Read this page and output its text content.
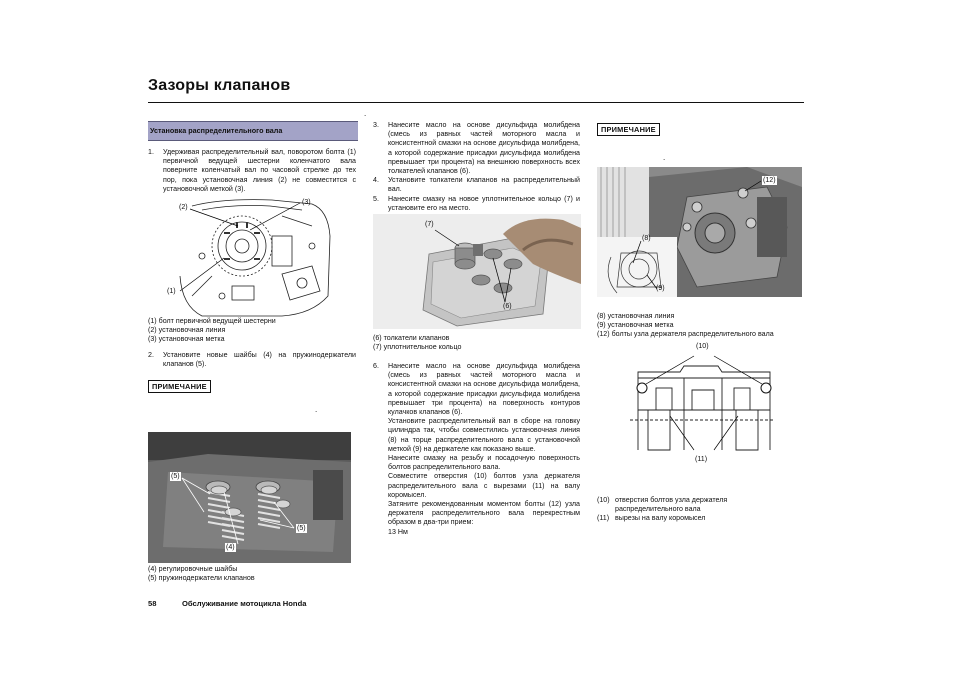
Зазоры клапанов
.
Установка распределительного вала
1.	Удерживая распределительный вал, поворотом болта (1) первичной ведущей шестерни коленчатого вала поверните коленчатый вал по часовой стрелке до тех пор, пока установочная линия (2) не совместится с установочной меткой (3).
(2)
(3)
(1)
(1) болт первичной ведущей шестерни
(2) установочная линия
(3) установочная метка
2.	Установите новые шайбы (4) на пружинодержатели клапанов (5).
ПРИМЕЧАНИЕ
.
(5)
(5)
(4)
(4) регулировочные шайбы
(5) пружинодержатели клапанов
3.	Нанесите масло на основе дисульфида молибдена (смесь из равных частей моторного масла и консистентной смазки на основе дисульфида молибдена, а которой содержание присадки дисульфида молибдена превышает три процента) на внешнюю поверхность всех толкателей клапанов (6).
4.	Установите толкатели клапанов на распределительный вал.
5.	Нанесите смазку на новое уплотнительное кольцо (7) и установите его на место.
(7)
(6)
(6) толкатели клапанов
(7) уплотнительное кольцо
6.	Нанесите масло на основе дисульфида молибдена (смесь из равных частей моторного масла и консистентной смазки на основе дисульфида молибдена, а которой содержание присадки дисульфида молибдена превышает три процента) на поверхность контуров кулачков клапанов (6).
Установите распределительный вал в сборе на головку цилиндра так, чтобы совместились установочная линия (8) на торце распределительного вала с установочной меткой (9) на держателе как показано выше.
Нанесите смазку на резьбу и посадочную поверхность болтов распределительного вала.
Совместите отверстия (10) болтов узла держателя распределительного вала с вырезами (11) на валу коромысел.
Затяните рекомендованным моментом болты (12) узла держателя распределительного вала перекрестным образом в два-три прием:
13 Нм
ПРИМЕЧАНИЕ
.
(12)
(8)
(9)
(8) установочная линия
(9) установочная метка
(12) болты узла держателя распределительного вала
(10)
(11)
(10) отверстия болтов узла держателя распределительного вала
(11) вырезы на валу коромысел
58	Обслуживание мотоцикла Honda
